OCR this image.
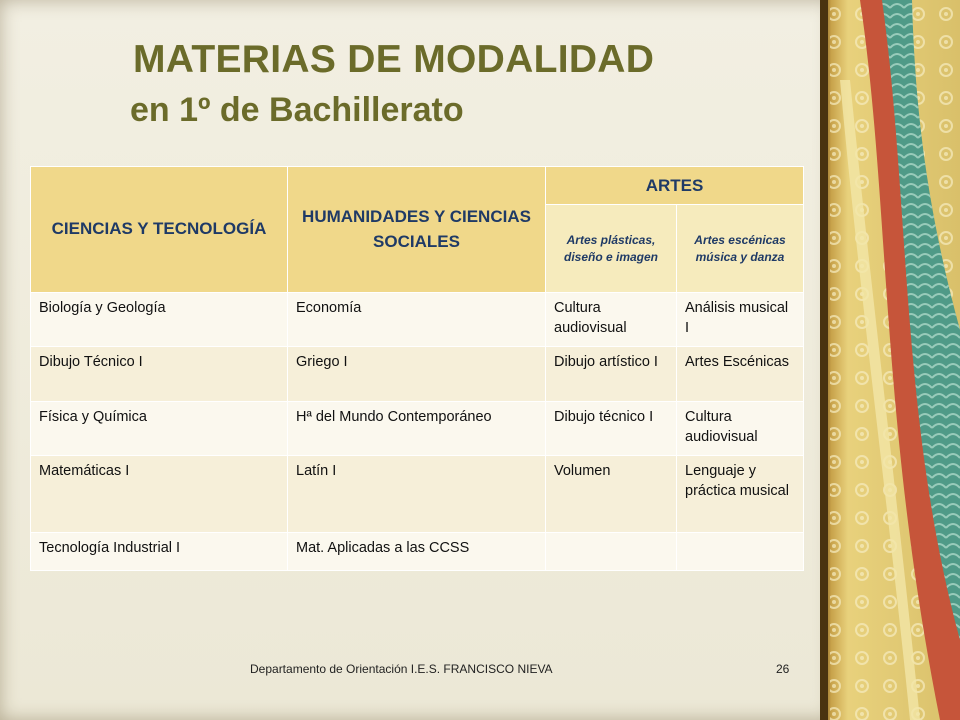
MATERIAS DE MODALIDAD
en 1º de Bachillerato
CIENCIAS Y TECNOLOGÍA	HUMANIDADES Y CIENCIAS SOCIALES	ARTES	
		Artes plásticas, diseño e imagen	Artes escénicas música y danza
Biología y Geología	Economía	Cultura audiovisual	Análisis musical I
Dibujo Técnico I	Griego I	Dibujo artístico I	Artes Escénicas
Física y Química	Hª del Mundo Contemporáneo	Dibujo técnico I	Cultura audiovisual
Matemáticas I	Latín I	Volumen	Lenguaje y práctica musical
Tecnología Industrial I	Mat. Aplicadas a las CCSS		
Departamento de Orientación I.E.S. FRANCISCO NIEVA	26
